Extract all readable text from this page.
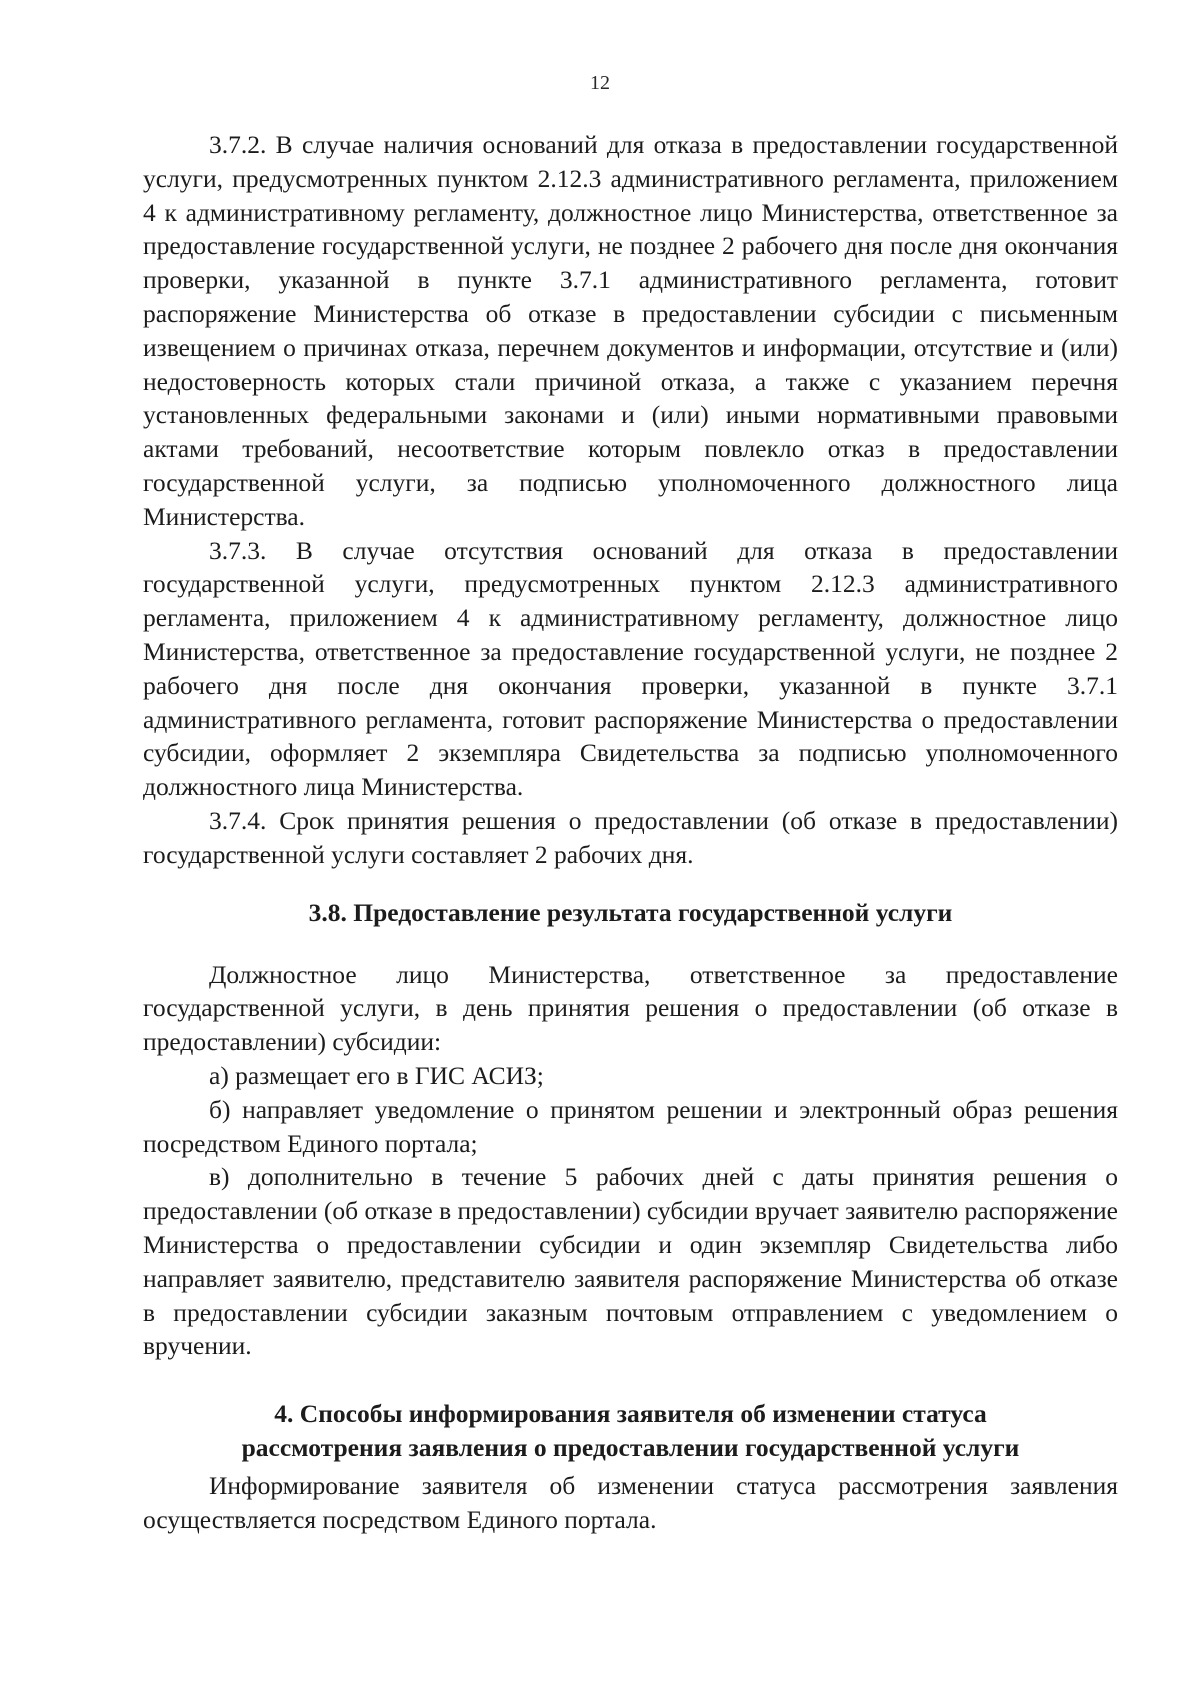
12

3.7.2. В случае наличия оснований для отказа в предоставлении государственной услуги, предусмотренных пунктом 2.12.3 административного регламента, приложением 4 к административному регламенту, должностное лицо Министерства, ответственное за предоставление государственной услуги, не позднее 2 рабочего дня после дня окончания проверки, указанной в пункте 3.7.1 административного регламента, готовит распоряжение Министерства об отказе в предоставлении субсидии с письменным извещением о причинах отказа, перечнем документов и информации, отсутствие и (или) недостоверность которых стали причиной отказа, а также с указанием перечня установленных федеральными законами и (или) иными нормативными правовыми актами требований, несоответствие которым повлекло отказ в предоставлении государственной услуги, за подписью уполномоченного должностного лица Министерства.

3.7.3. В случае отсутствия оснований для отказа в предоставлении государственной услуги, предусмотренных пунктом 2.12.3 административного регламента, приложением 4 к административному регламенту, должностное лицо Министерства, ответственное за предоставление государственной услуги, не позднее 2 рабочего дня после дня окончания проверки, указанной в пункте 3.7.1 административного регламента, готовит распоряжение Министерства о предоставлении субсидии, оформляет 2 экземпляра Свидетельства за подписью уполномоченного должностного лица Министерства.

3.7.4. Срок принятия решения о предоставлении (об отказе в предоставлении) государственной услуги составляет 2 рабочих дня.

3.8. Предоставление результата государственной услуги

Должностное лицо Министерства, ответственное за предоставление государственной услуги, в день принятия решения о предоставлении (об отказе в предоставлении) субсидии:

а) размещает его в ГИС АСИЗ;

б) направляет уведомление о принятом решении и электронный образ решения посредством Единого портала;

в) дополнительно в течение 5 рабочих дней с даты принятия решения о предоставлении (об отказе в предоставлении) субсидии вручает заявителю распоряжение Министерства о предоставлении субсидии и один экземпляр Свидетельства либо направляет заявителю, представителю заявителя распоряжение Министерства об отказе в предоставлении субсидии заказным почтовым отправлением с уведомлением о вручении.

4. Способы информирования заявителя об изменении статуса
рассмотрения заявления о предоставлении государственной услуги

Информирование заявителя об изменении статуса рассмотрения заявления осуществляется посредством Единого портала.
